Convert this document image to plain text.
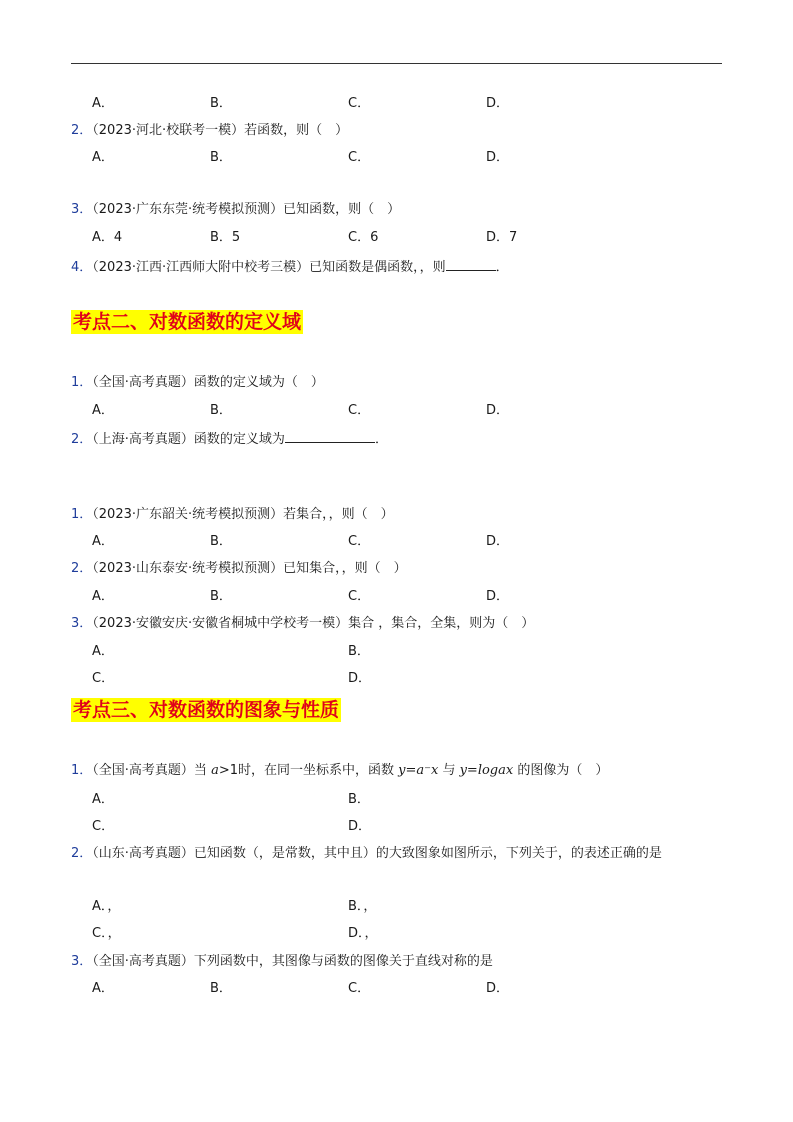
A．	B．	C．	D．
2．（2023·河北·校联考一模）若函数，则（　）
A．	B．	C．	D．
3．（2023·广东东莞·统考模拟预测）已知函数，则（　）
A．4	B．5	C．6	D．7
4．（2023·江西·江西师大附中校考三模）已知函数是偶函数，，则	．
考点二、对数函数的定义域
1．（全国·高考真题）函数的定义域为（　）
A．	B．	C．	D．
2．（上海·高考真题）函数的定义域为	．
1．（2023·广东韶关·统考模拟预测）若集合，，则（　）
A．	B．	C．	D．
2．（2023·山东泰安·统考模拟预测）已知集合，，则（　）
A．	B．	C．	D．
3．（2023·安徽安庆·安徽省桐城中学校考一模）集合 ，集合，全集，则为（　）
A．	B．
C．	D．
考点三、对数函数的图象与性质
1．（全国·高考真题）当 a>1时，在同一坐标系中，函数 y=a⁻x 与 y=logax 的图像为（　）
A．	B．
C．	D．
2．（山东·高考真题）已知函数（，是常数，其中且）的大致图象如图所示，下列关于，的表述正确的是
A．，	B．，
C．，	D．，
3．（全国·高考真题）下列函数中，其图像与函数的图像关于直线对称的是
A．	B．	C．	D．
